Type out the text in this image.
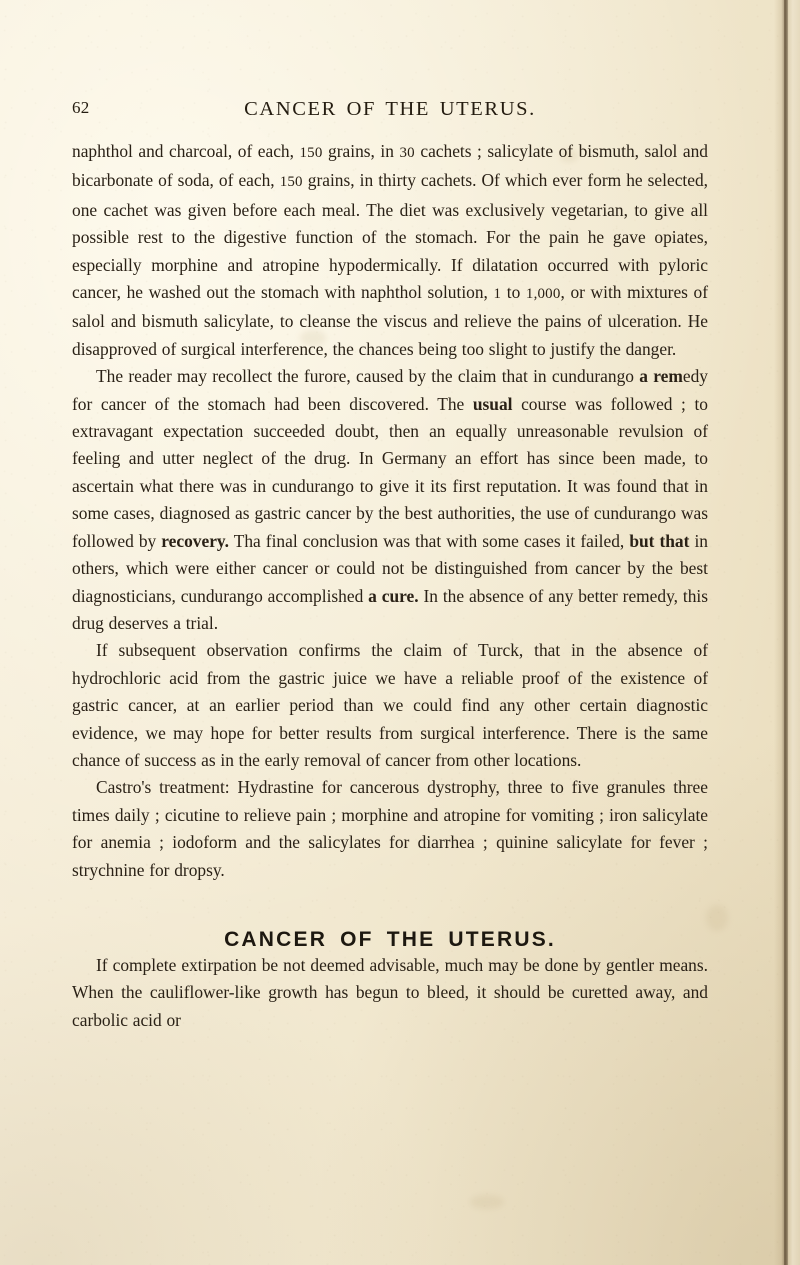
62	CANCER OF THE UTERUS.

naphthol and charcoal, of each, 150 grains, in 30 cachets ; salicylate of bismuth, salol and bicarbonate of soda, of each, 150 grains, in thirty cachets. Of which ever form he selected, one cachet was given before each meal. The diet was exclusively vegetarian, to give all possible rest to the digestive function of the stomach. For the pain he gave opiates, especially morphine and atropine hypodermically. If dilatation occurred with pyloric cancer, he washed out the stomach with naphthol solution, 1 to 1,000, or with mixtures of salol and bismuth salicylate, to cleanse the viscus and relieve the pains of ulceration. He disapproved of surgical interference, the chances being too slight to justify the danger.

The reader may recollect the furore, caused by the claim that in cundurango a remedy for cancer of the stomach had been discovered. The usual course was followed ; to extravagant expectation succeeded doubt, then an equally unreasonable revulsion of feeling and utter neglect of the drug. In Germany an effort has since been made, to ascertain what there was in cundurango to give it its first reputation. It was found that in some cases, diagnosed as gastric cancer by the best authorities, the use of cundurango was followed by recovery. Tha final conclusion was that with some cases it failed, but that in others, which were either cancer or could not be distinguished from cancer by the best diagnosticians, cundurango accomplished a cure. In the absence of any better remedy, this drug deserves a trial.

If subsequent observation confirms the claim of Turck, that in the absence of hydrochloric acid from the gastric juice we have a reliable proof of the existence of gastric cancer, at an earlier period than we could find any other certain diagnostic evidence, we may hope for better results from surgical interference. There is the same chance of success as in the early removal of cancer from other locations.

Castro's treatment: Hydrastine for cancerous dystrophy, three to five granules three times daily ; cicutine to relieve pain ; morphine and atropine for vomiting ; iron salicylate for anemia ; iodoform and the salicylates for diarrhea ; quinine salicylate for fever ; strychnine for dropsy.

CANCER OF THE UTERUS.

If complete extirpation be not deemed advisable, much may be done by gentler means. When the cauliflower-like growth has begun to bleed, it should be curetted away, and carbolic acid or
